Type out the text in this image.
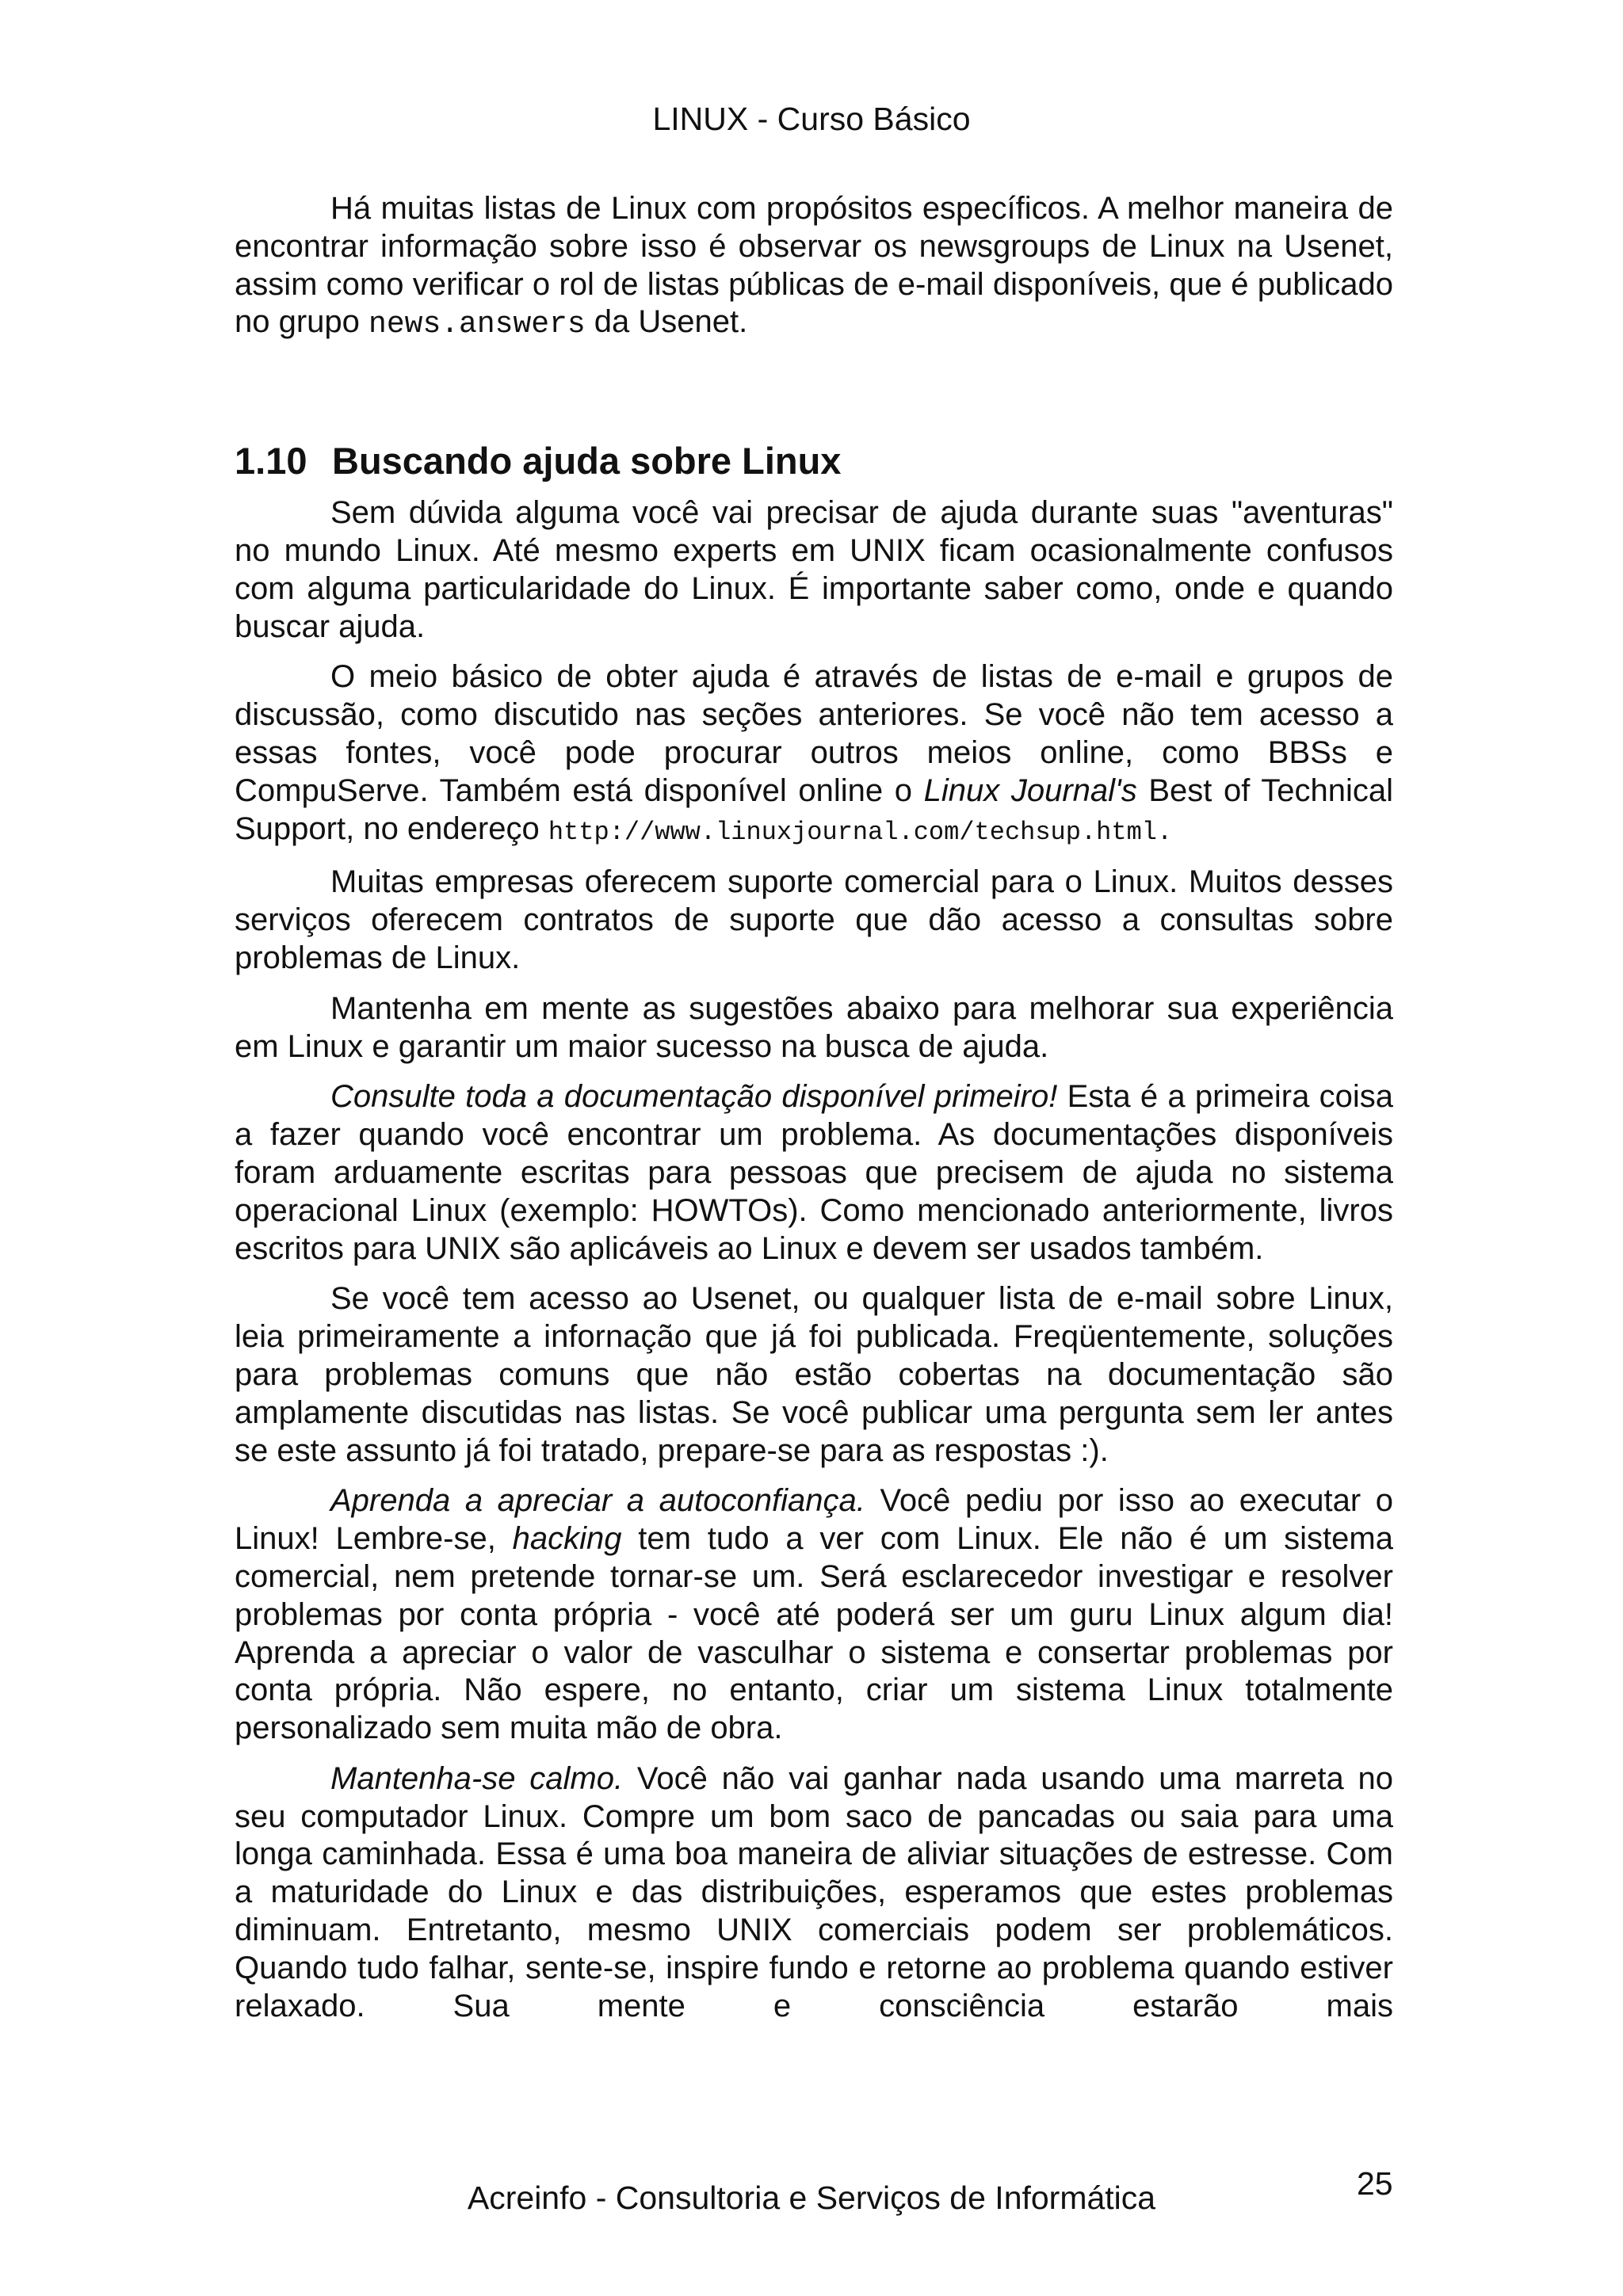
LINUX - Curso Básico

Há muitas listas de Linux com propósitos específicos. A melhor maneira de encontrar informação sobre isso é observar os newsgroups de Linux na Usenet, assim como verificar o rol de listas públicas de e-mail disponíveis, que é publicado no grupo news.answers da Usenet.

1.10 Buscando ajuda sobre Linux

Sem dúvida alguma você vai precisar de ajuda durante suas "aventuras" no mundo Linux. Até mesmo experts em UNIX ficam ocasionalmente confusos com alguma particularidade do Linux. É importante saber como, onde e quando buscar ajuda.

O meio básico de obter ajuda é através de listas de e-mail e grupos de discussão, como discutido nas seções anteriores. Se você não tem acesso a essas fontes, você pode procurar outros meios online, como BBSs e CompuServe. Também está disponível online o Linux Journal's Best of Technical Support, no endereço http://www.linuxjournal.com/techsup.html.

Muitas empresas oferecem suporte comercial para o Linux. Muitos desses serviços oferecem contratos de suporte que dão acesso a consultas sobre problemas de Linux.

Mantenha em mente as sugestões abaixo para melhorar sua experiência em Linux e garantir um maior sucesso na busca de ajuda.

Consulte toda a documentação disponível primeiro! Esta é a primeira coisa a fazer quando você encontrar um problema. As documentações disponíveis foram arduamente escritas para pessoas que precisem de ajuda no sistema operacional Linux (exemplo: HOWTOs). Como mencionado anteriormente, livros escritos para UNIX são aplicáveis ao Linux e devem ser usados também.

Se você tem acesso ao Usenet, ou qualquer lista de e-mail sobre Linux, leia primeiramente a infornação que já foi publicada. Freqüentemente, soluções para problemas comuns que não estão cobertas na documentação são amplamente discutidas nas listas. Se você publicar uma pergunta sem ler antes se este assunto já foi tratado, prepare-se para as respostas :).

Aprenda a apreciar a autoconfiança. Você pediu por isso ao executar o Linux! Lembre-se, hacking tem tudo a ver com Linux. Ele não é um sistema comercial, nem pretende tornar-se um. Será esclarecedor investigar e resolver problemas por conta própria - você até poderá ser um guru Linux algum dia! Aprenda a apreciar o valor de vasculhar o sistema e consertar problemas por conta própria. Não espere, no entanto, criar um sistema Linux totalmente personalizado sem muita mão de obra.

Mantenha-se calmo. Você não vai ganhar nada usando uma marreta no seu computador Linux. Compre um bom saco de pancadas ou saia para uma longa caminhada. Essa é uma boa maneira de aliviar situações de estresse. Com a maturidade do Linux e das distribuições, esperamos que estes problemas diminuam. Entretanto, mesmo UNIX comerciais podem ser problemáticos. Quando tudo falhar, sente-se, inspire fundo e retorne ao problema quando estiver relaxado. Sua mente e consciência estarão mais

Acreinfo - Consultoria e Serviços de Informática	25
